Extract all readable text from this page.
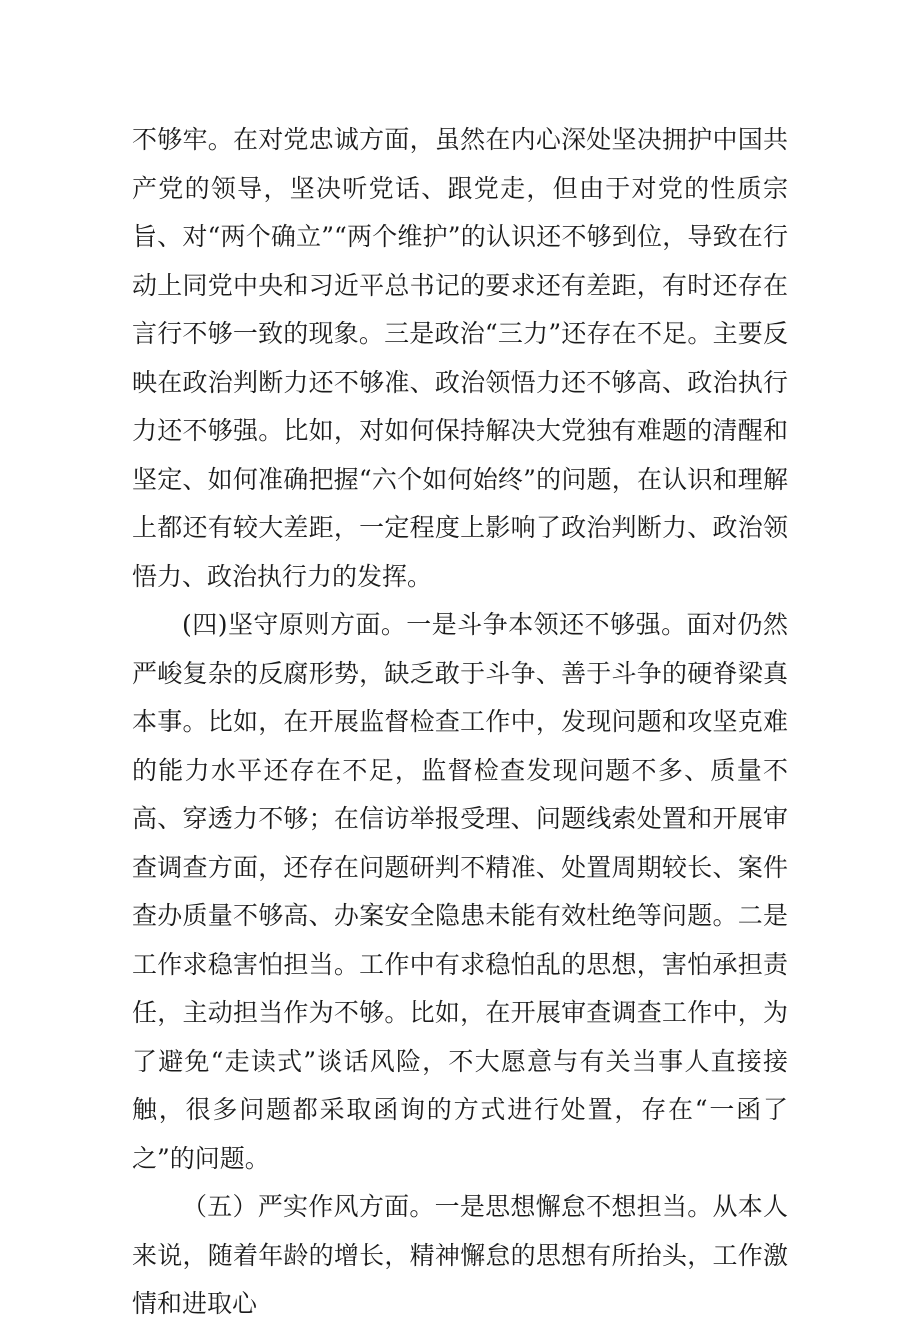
不够牢。在对党忠诚方面，虽然在内心深处坚决拥护中国共产党的领导，坚决听党话、跟党走，但由于对党的性质宗旨、对“两个确立”“两个维护”的认识还不够到位，导致在行动上同党中央和习近平总书记的要求还有差距，有时还存在言行不够一致的现象。三是政治“三力”还存在不足。主要反映在政治判断力还不够准、政治领悟力还不够高、政治执行力还不够强。比如，对如何保持解决大党独有难题的清醒和坚定、如何准确把握“六个如何始终”的问题，在认识和理解上都还有较大差距，一定程度上影响了政治判断力、政治领悟力、政治执行力的发挥。

(四)坚守原则方面。一是斗争本领还不够强。面对仍然严峻复杂的反腐形势，缺乏敢于斗争、善于斗争的硬脊梁真本事。比如，在开展监督检查工作中，发现问题和攻坚克难的能力水平还存在不足，监督检查发现问题不多、质量不高、穿透力不够；在信访举报受理、问题线索处置和开展审查调查方面，还存在问题研判不精准、处置周期较长、案件查办质量不够高、办案安全隐患未能有效杜绝等问题。二是工作求稳害怕担当。工作中有求稳怕乱的思想，害怕承担责任，主动担当作为不够。比如，在开展审查调查工作中，为了避免“走读式”谈话风险，不大愿意与有关当事人直接接触，很多问题都采取函询的方式进行处置，存在“一函了之”的问题。

（五）严实作风方面。一是思想懈怠不想担当。从本人来说，随着年龄的增长，精神懈怠的思想有所抬头，工作激情和进取心
